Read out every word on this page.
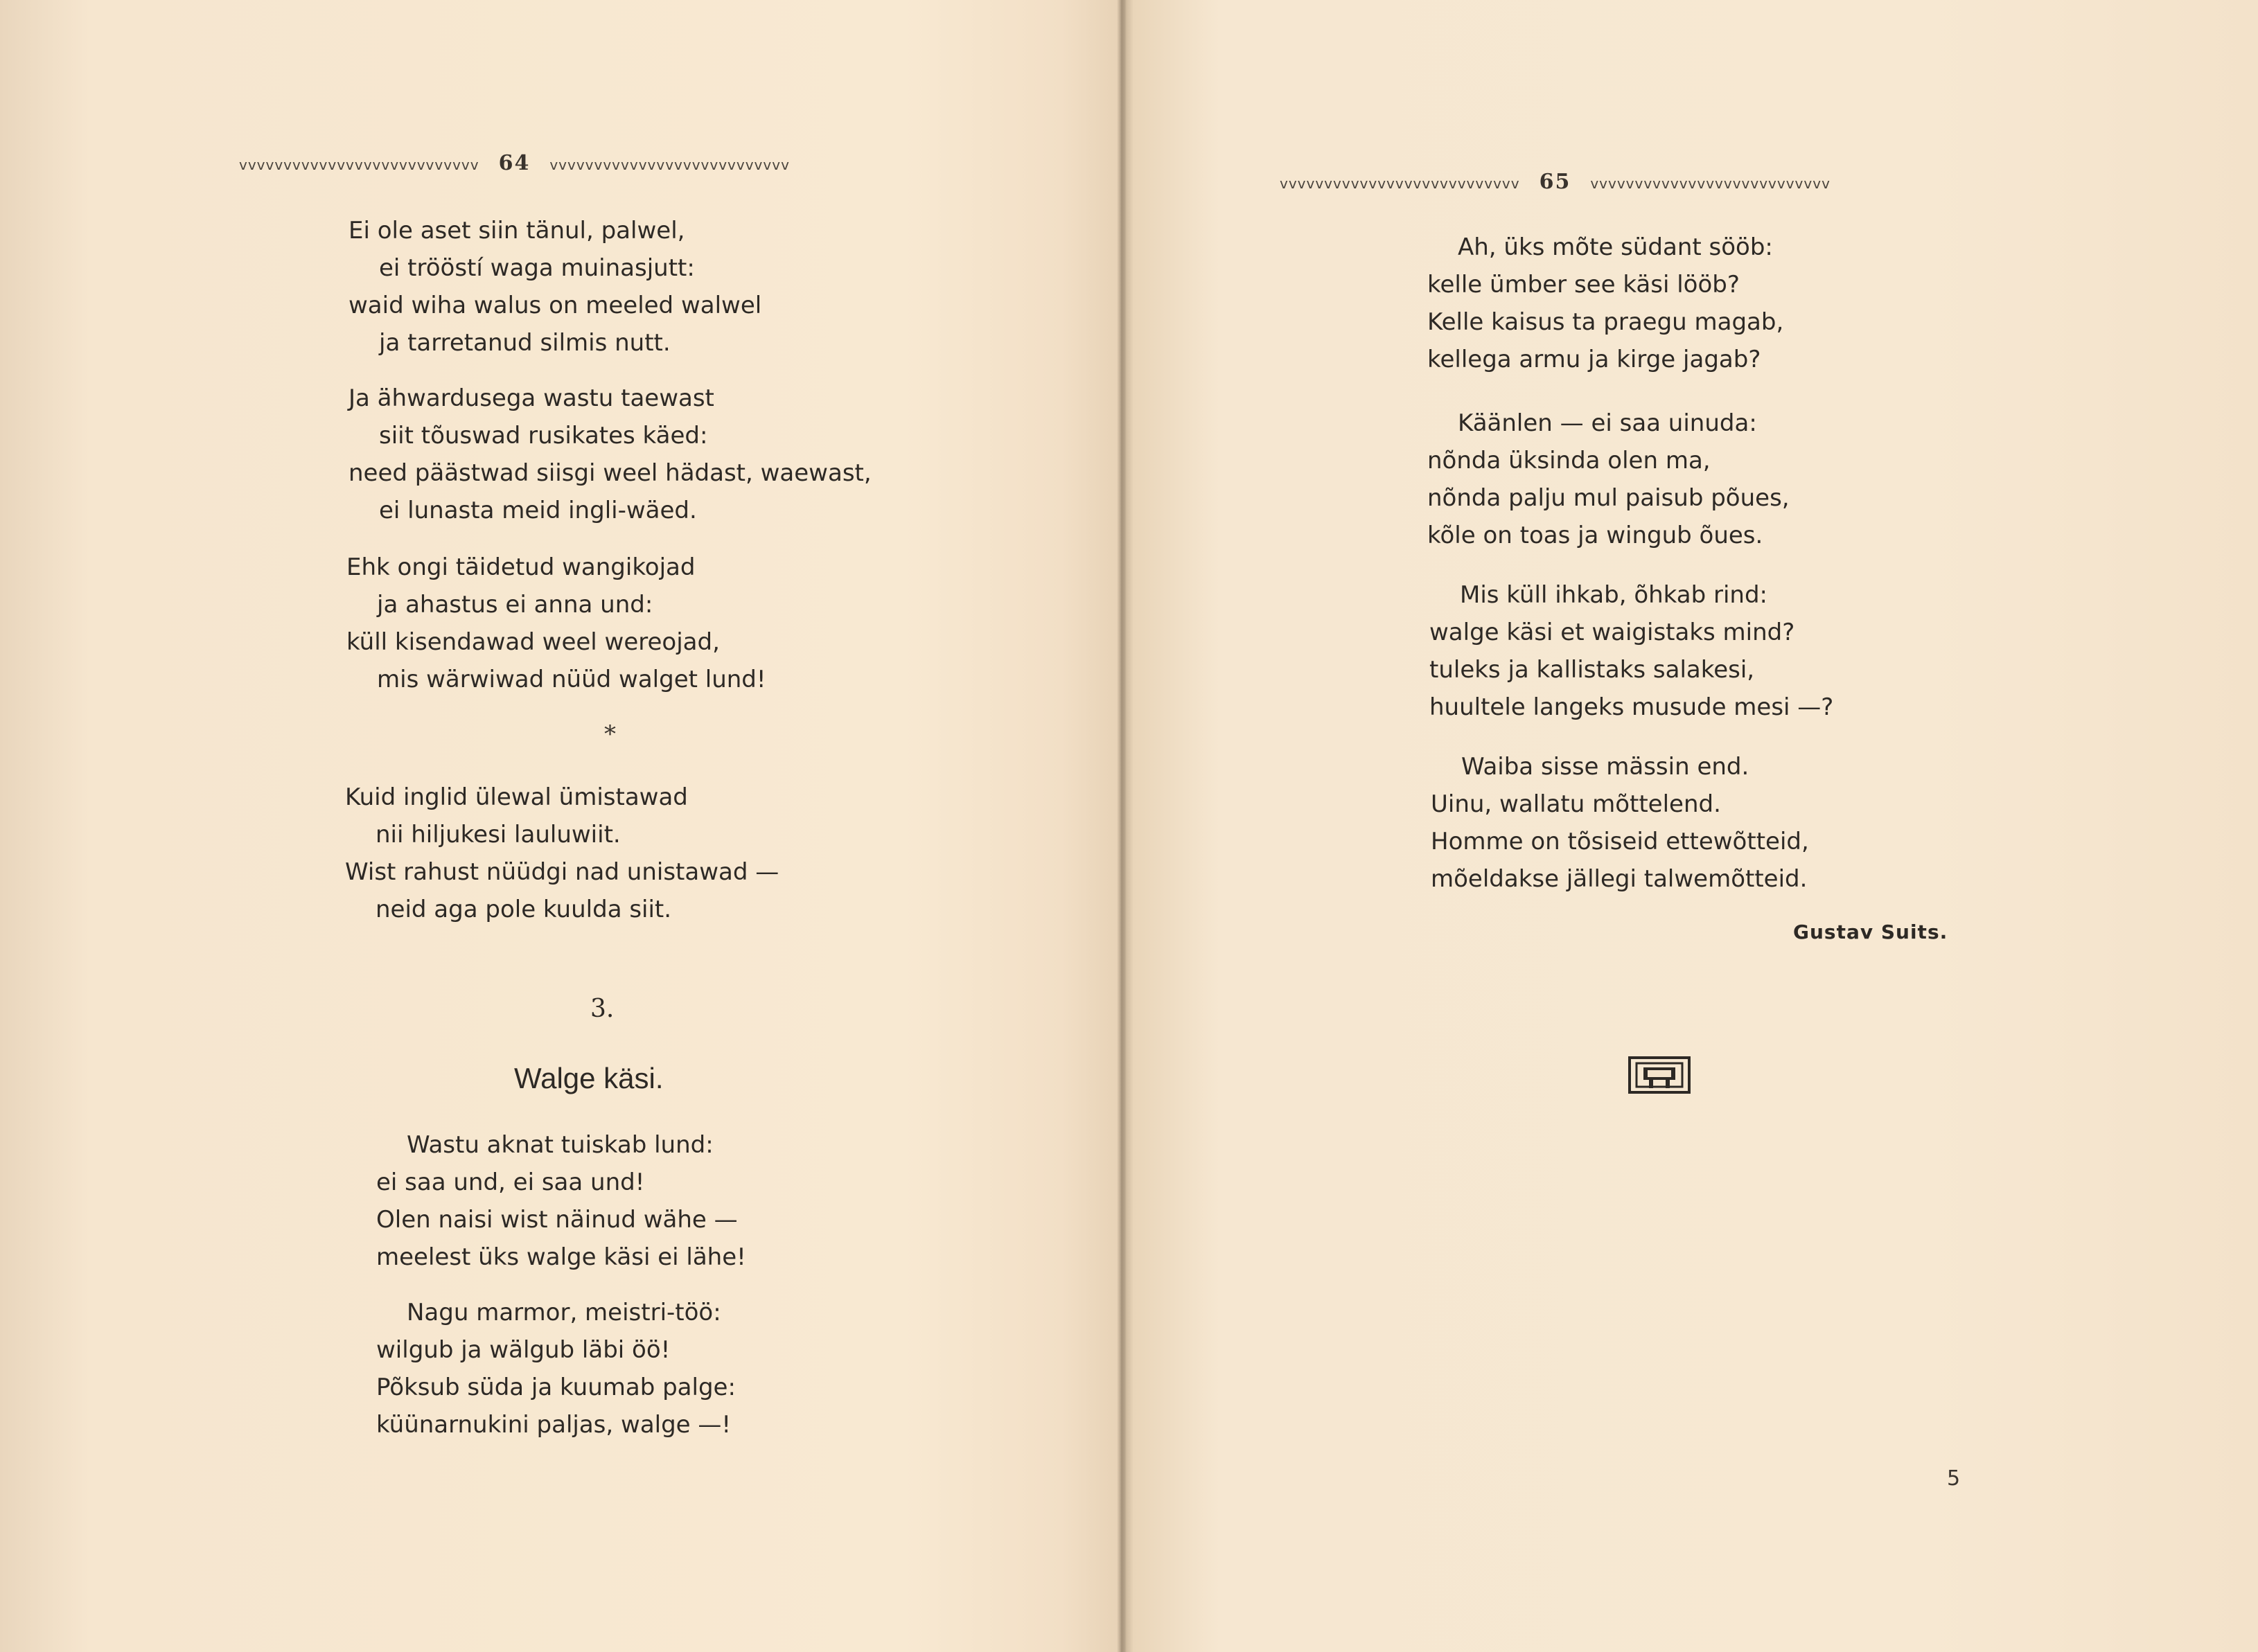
vvvvvvvvvvvvvvvvvvvvvvvvvvv 64 vvvvvvvvvvvvvvvvvvvvvvvvvvv
Ei ole aset siin tänul, palwel,
ei trööstí waga muinasjutt:
waid wiha walus on meeled walwel
ja tarretanud silmis nutt.
Ja ähwardusega wastu taewast
siit tõuswad rusikates käed:
need päästwad siisgi weel hädast, waewast,
ei lunasta meid ingli-wäed.
Ehk ongi täidetud wangikojad
ja ahastus ei anna und:
küll kisendawad weel wereojad,
mis wärwiwad nüüd walget lund!
*
Kuid inglid ülewal ümistawad
nii hiljukesi lauluwiit.
Wist rahust nüüdgi nad unistawad —
neid aga pole kuulda siit.
3.
Walge käsi.
Wastu aknat tuiskab lund:
ei saa und, ei saa und!
Olen naisi wist näinud wähe —
meelest üks walge käsi ei lähe!
Nagu marmor, meistri-töö:
wilgub ja wälgub läbi öö!
Põksub süda ja kuumab palge:
küünarnukini paljas, walge —!
vvvvvvvvvvvvvvvvvvvvvvvvvvv 65 vvvvvvvvvvvvvvvvvvvvvvvvvvv
Ah, üks mõte südant sööb:
kelle ümber see käsi lööb?
Kelle kaisus ta praegu magab,
kellega armu ja kirge jagab?
Käänlen — ei saa uinuda:
nõnda üksinda olen ma,
nõnda palju mul paisub põues,
kõle on toas ja wingub õues.
Mis küll ihkab, õhkab rind:
walge käsi et waigistaks mind?
tuleks ja kallistaks salakesi,
huultele langeks musude mesi —?
Waiba sisse mässin end.
Uinu, wallatu mõttelend.
Homme on tõsiseid ettewõtteid,
mõeldakse jällegi talwemõtteid.
Gustav Suits.
5
